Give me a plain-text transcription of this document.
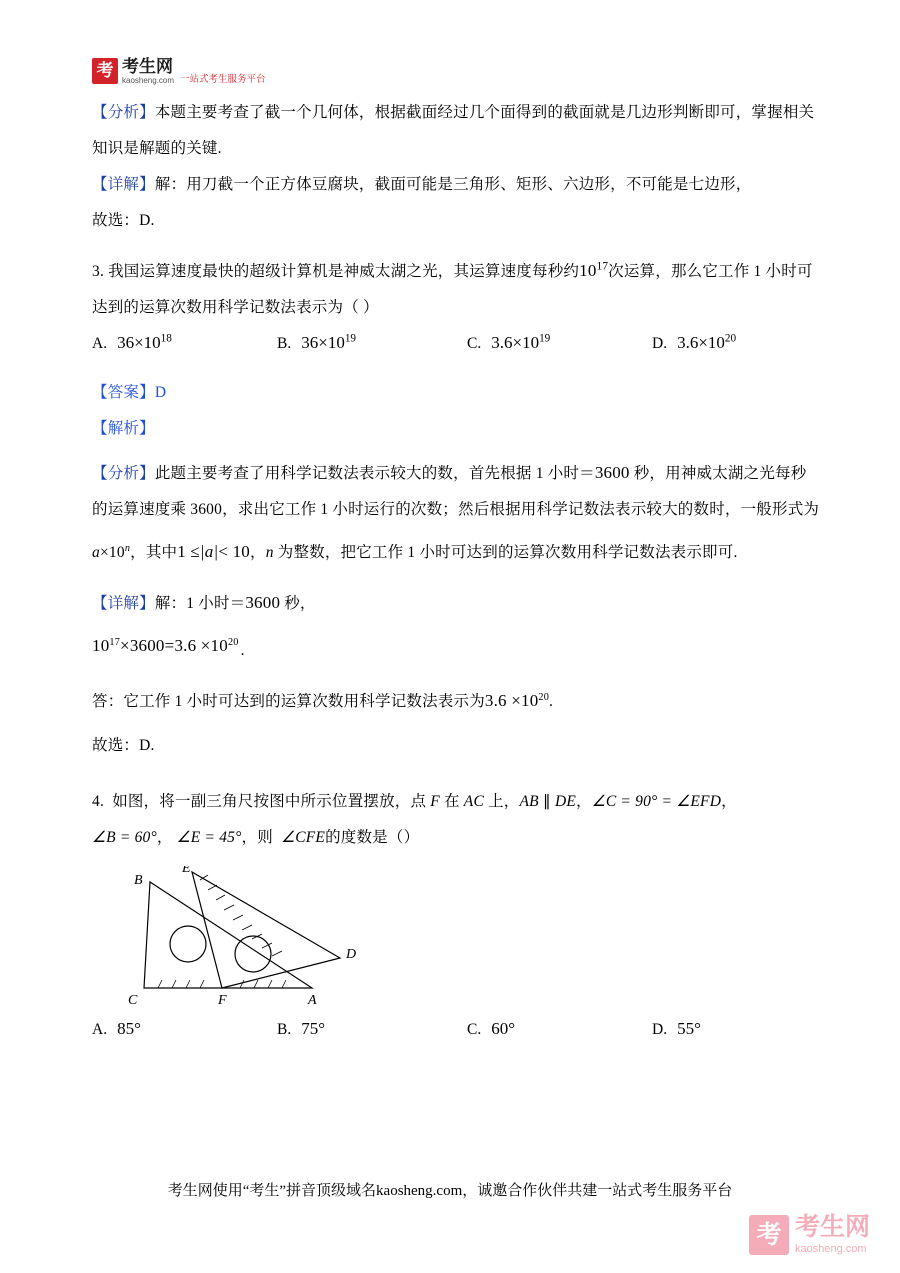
考 考生网
kaosheng.com 一站式考生服务平台

【分析】本题主要考查了截一个几何体，根据截面经过几个面得到的截面就是几边形判断即可，掌握相关

知识是解题的关键.

【详解】解：用刀截一个正方体豆腐块，截面可能是三角形、矩形、六边形，不可能是七边形，

故选：D.

3. 我国运算速度最快的超级计算机是神威太湖之光，其运算速度每秒约$10^{17}$次运算，那么它工作 1 小时可

达到的运算次数用科学记数法表示为（ ）

A. $36\times 10^{18}$	B. $36\times 10^{19}$	C. $3.6\times 10^{19}$	D. $3.6\times 10^{20}$

【答案】D

【解析】

【分析】此题主要考查了用科学记数法表示较大的数，首先根据 1 小时＝3600 秒，用神威太湖之光每秒

的运算速度乘 3600，求出它工作 1 小时运行的次数；然后根据用科学记数法表示较大的数时，一般形式为

$a\times 10^n$，其中1 ≤|a|< 10，n 为整数，把它工作 1 小时可达到的运算次数用科学记数法表示即可.

【详解】解：1 小时＝3600 秒，

$10^{17}\times 3600=3.6 \times 10^{20}$ .

答：它工作 1 小时可达到的运算次数用科学记数法表示为$3.6 \times 10^{20}$.

故选：D.

4. 如图，将一副三角尺按图中所示位置摆放，点 F 在 AC 上，AB ∥ DE，∠C = 90° = ∠EFD，

∠B = 60°， ∠E = 45°，则 ∠CFE的度数是（）

E
B
D
C	F	A
A. 85°	B. 75°	C. 60°	D. 55°
考生网使用“考生”拼音顶级域名kaosheng.com，诚邀合作伙伴共建一站式考生服务平台
考 考生网
kaosheng.com
